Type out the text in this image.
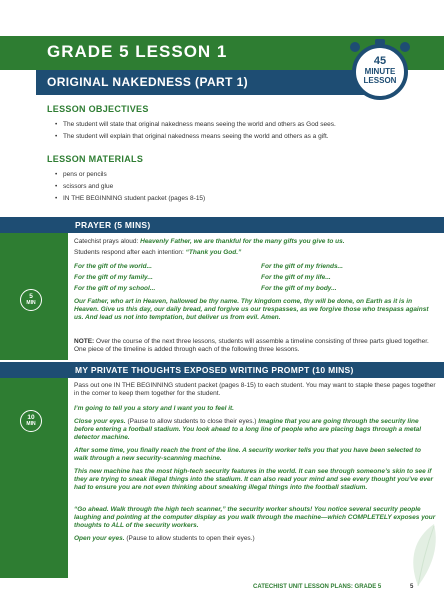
GRADE 5 LESSON 1
ORIGINAL NAKEDNESS (PART 1)
45
MINUTE
LESSON
LESSON OBJECTIVES
• The student will state that original nakedness means seeing the world and others as God sees.
• The student will explain that original nakedness means seeing the world and others as a gift.
LESSON MATERIALS
• pens or pencils
• scissors and glue
• IN THE BEGINNING student packet (pages 8-15)
PRAYER (5 MINS)
5
MIN
Catechist prays aloud: Heavenly Father, we are thankful for the many gifts you give to us.
Students respond after each intention: “Thank you God.”
For the gift of the world...
For the gift of my family...
For the gift of my school...
For the gift of my friends...
For the gift of my life...
For the gift of my body...
Our Father, who art in Heaven, hallowed be thy name. Thy kingdom come, thy will be done, on Earth as it is in Heaven. Give us this day, our daily bread, and forgive us our trespasses, as we forgive those who trespass against us. And lead us not into temptation, but deliver us from evil. Amen.
NOTE: Over the course of the next three lessons, students will assemble a timeline consisting of three parts glued together. One piece of the timeline is added through each of the following three lessons.
MY PRIVATE THOUGHTS EXPOSED WRITING PROMPT (10 MINS)
10
MIN
Pass out one IN THE BEGINNING student packet (pages 8-15) to each student. You may want to staple these pages together in the corner to keep them together for the student.
I’m going to tell you a story and I want you to feel it.
Close your eyes. (Pause to allow students to close their eyes.) Imagine that you are going through the security line before entering a football stadium. You look ahead to a long line of people who are placing bags through a metal detector machine.
After some time, you finally reach the front of the line. A security worker tells you that you have been selected to walk through a new security-scanning machine.
This new machine has the most high-tech security features in the world. It can see through someone’s skin to see if they are trying to sneak illegal things into the stadium. It can also read your mind and see every thought you’ve ever had to ensure you are not even thinking about sneaking illegal things into the football stadium.
“Go ahead. Walk through the high tech scanner,” the security worker shouts! You notice several security people laughing and pointing at the computer display as you walk through the machine—which COMPLETELY exposes your thoughts to ALL of the security workers.
Open your eyes. (Pause to allow students to open their eyes.)
CATECHIST UNIT LESSON PLANS: GRADE 5	5
